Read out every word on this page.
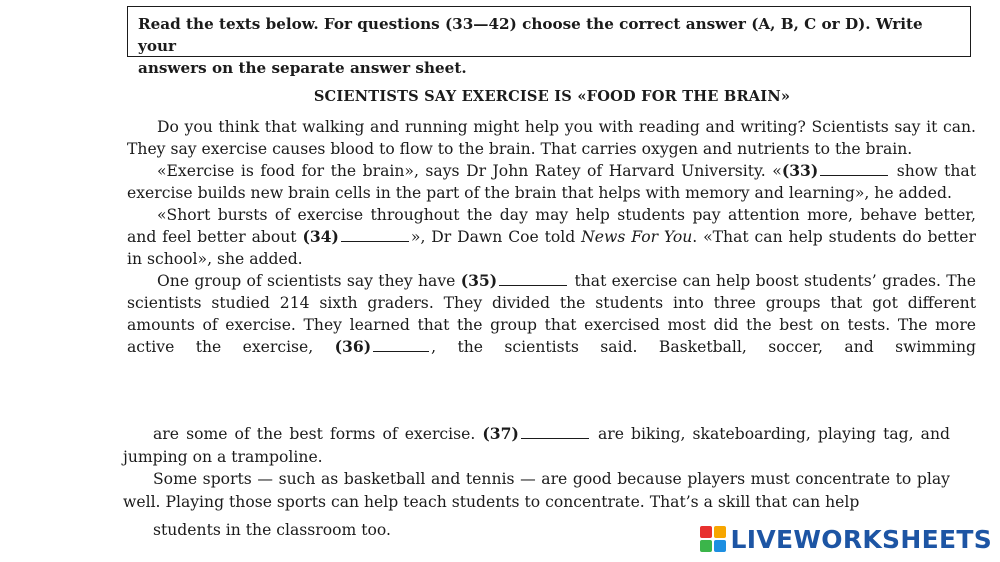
Read the texts below. For questions (33—42) choose the correct answer (A, B, C or D). Write your
answers on the separate answer sheet.
SCIENTISTS SAY EXERCISE IS «FOOD FOR THE BRAIN»

Do you think that walking and running might help you with reading and writing? Scientists say it can. They say exercise causes blood to flow to the brain. That carries oxygen and nutrients to the brain.

«Exercise is food for the brain», says Dr John Ratey of Harvard University. «(33)	show that exercise builds new brain cells in the part of the brain that helps with memory and learning», he added.

«Short bursts of exercise throughout the day may help students pay attention more, behave better, and feel better about (34)	», Dr Dawn Coe told News For You. «That can help students do better in school», she added.

One group of scientists say they have (35)	that exercise can help boost students’ grades. The scientists studied 214 sixth graders. They divided the students into three groups that got different amounts of exercise. They learned that the group that exercised most did the best on tests. The more active the exercise, (36)	, the scientists said. Basketball, soccer, and swimming

are some of the best forms of exercise. (37)	are biking, skateboarding, playing tag, and jumping on a trampoline.

Some sports — such as basketball and tennis — are good because players must concentrate to play well. Playing those sports can help teach students to concentrate. That’s a skill that can help

students in the classroom too.	LIVEWORKSHEETS
